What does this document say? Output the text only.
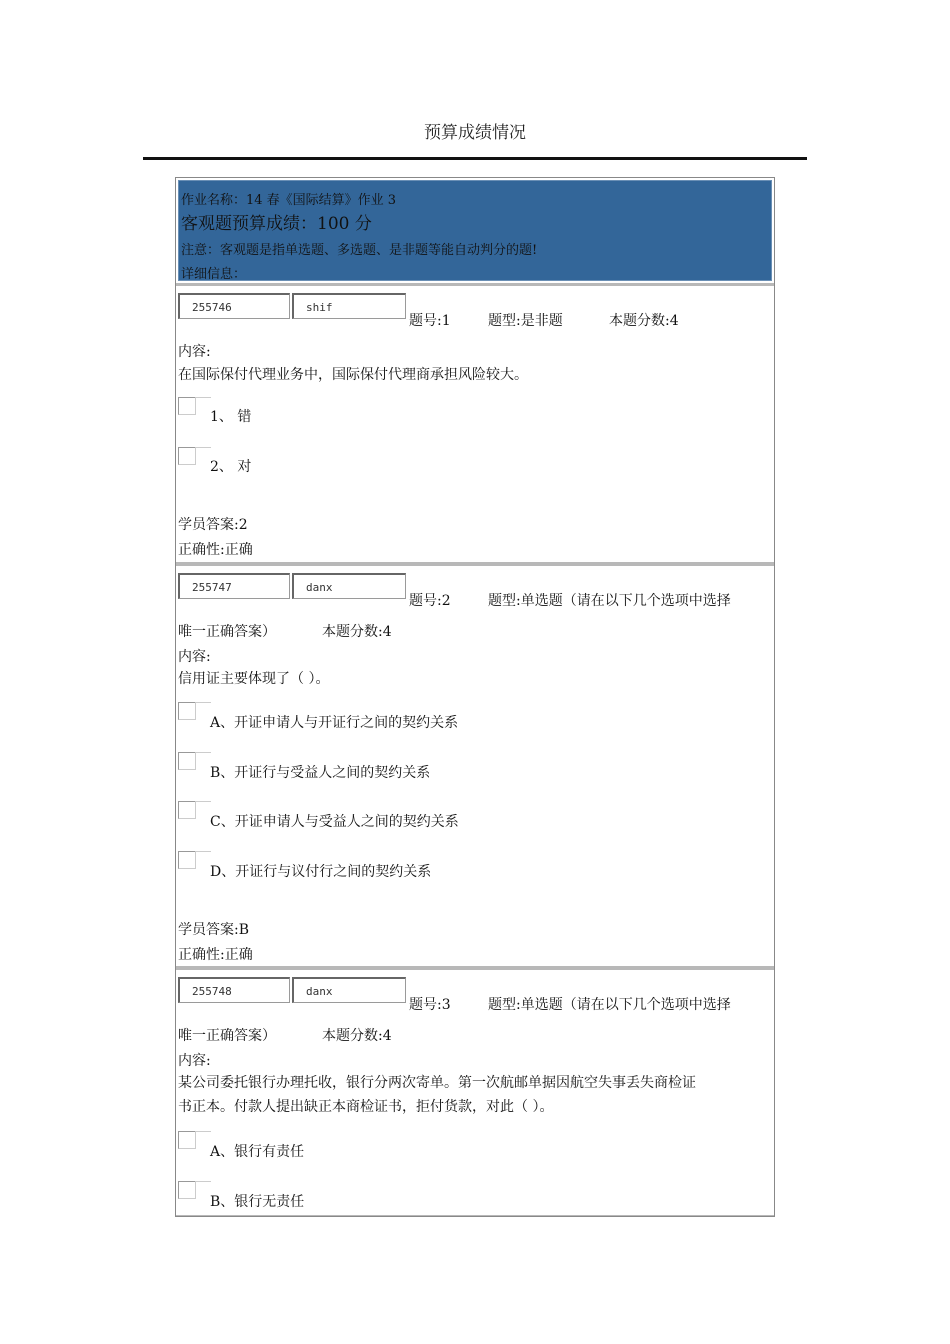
预算成绩情况
作业名称：14 春《国际结算》作业 3
客观题预算成绩：100 分
注意：客观题是指单选题、多选题、是非题等能自动判分的题!
详细信息：
255746	shif
题号:1	题型:是非题	本题分数:4
内容:
在国际保付代理业务中，国际保付代理商承担风险较大。
1、 错
2、 对
学员答案:2
正确性:正确
255747	danx
题号:2	题型:单选题（请在以下几个选项中选择
唯一正确答案）	本题分数:4
内容:
信用证主要体现了（ ）。
A、开证申请人与开证行之间的契约关系
B、开证行与受益人之间的契约关系
C、开证申请人与受益人之间的契约关系
D、开证行与议付行之间的契约关系
学员答案:B
正确性:正确
255748	danx
题号:3	题型:单选题（请在以下几个选项中选择
唯一正确答案）	本题分数:4
内容:
某公司委托银行办理托收，银行分两次寄单。第一次航邮单据因航空失事丢失商检证
书正本。付款人提出缺正本商检证书，拒付货款，对此（ ）。
A、银行有责任
B、银行无责任
